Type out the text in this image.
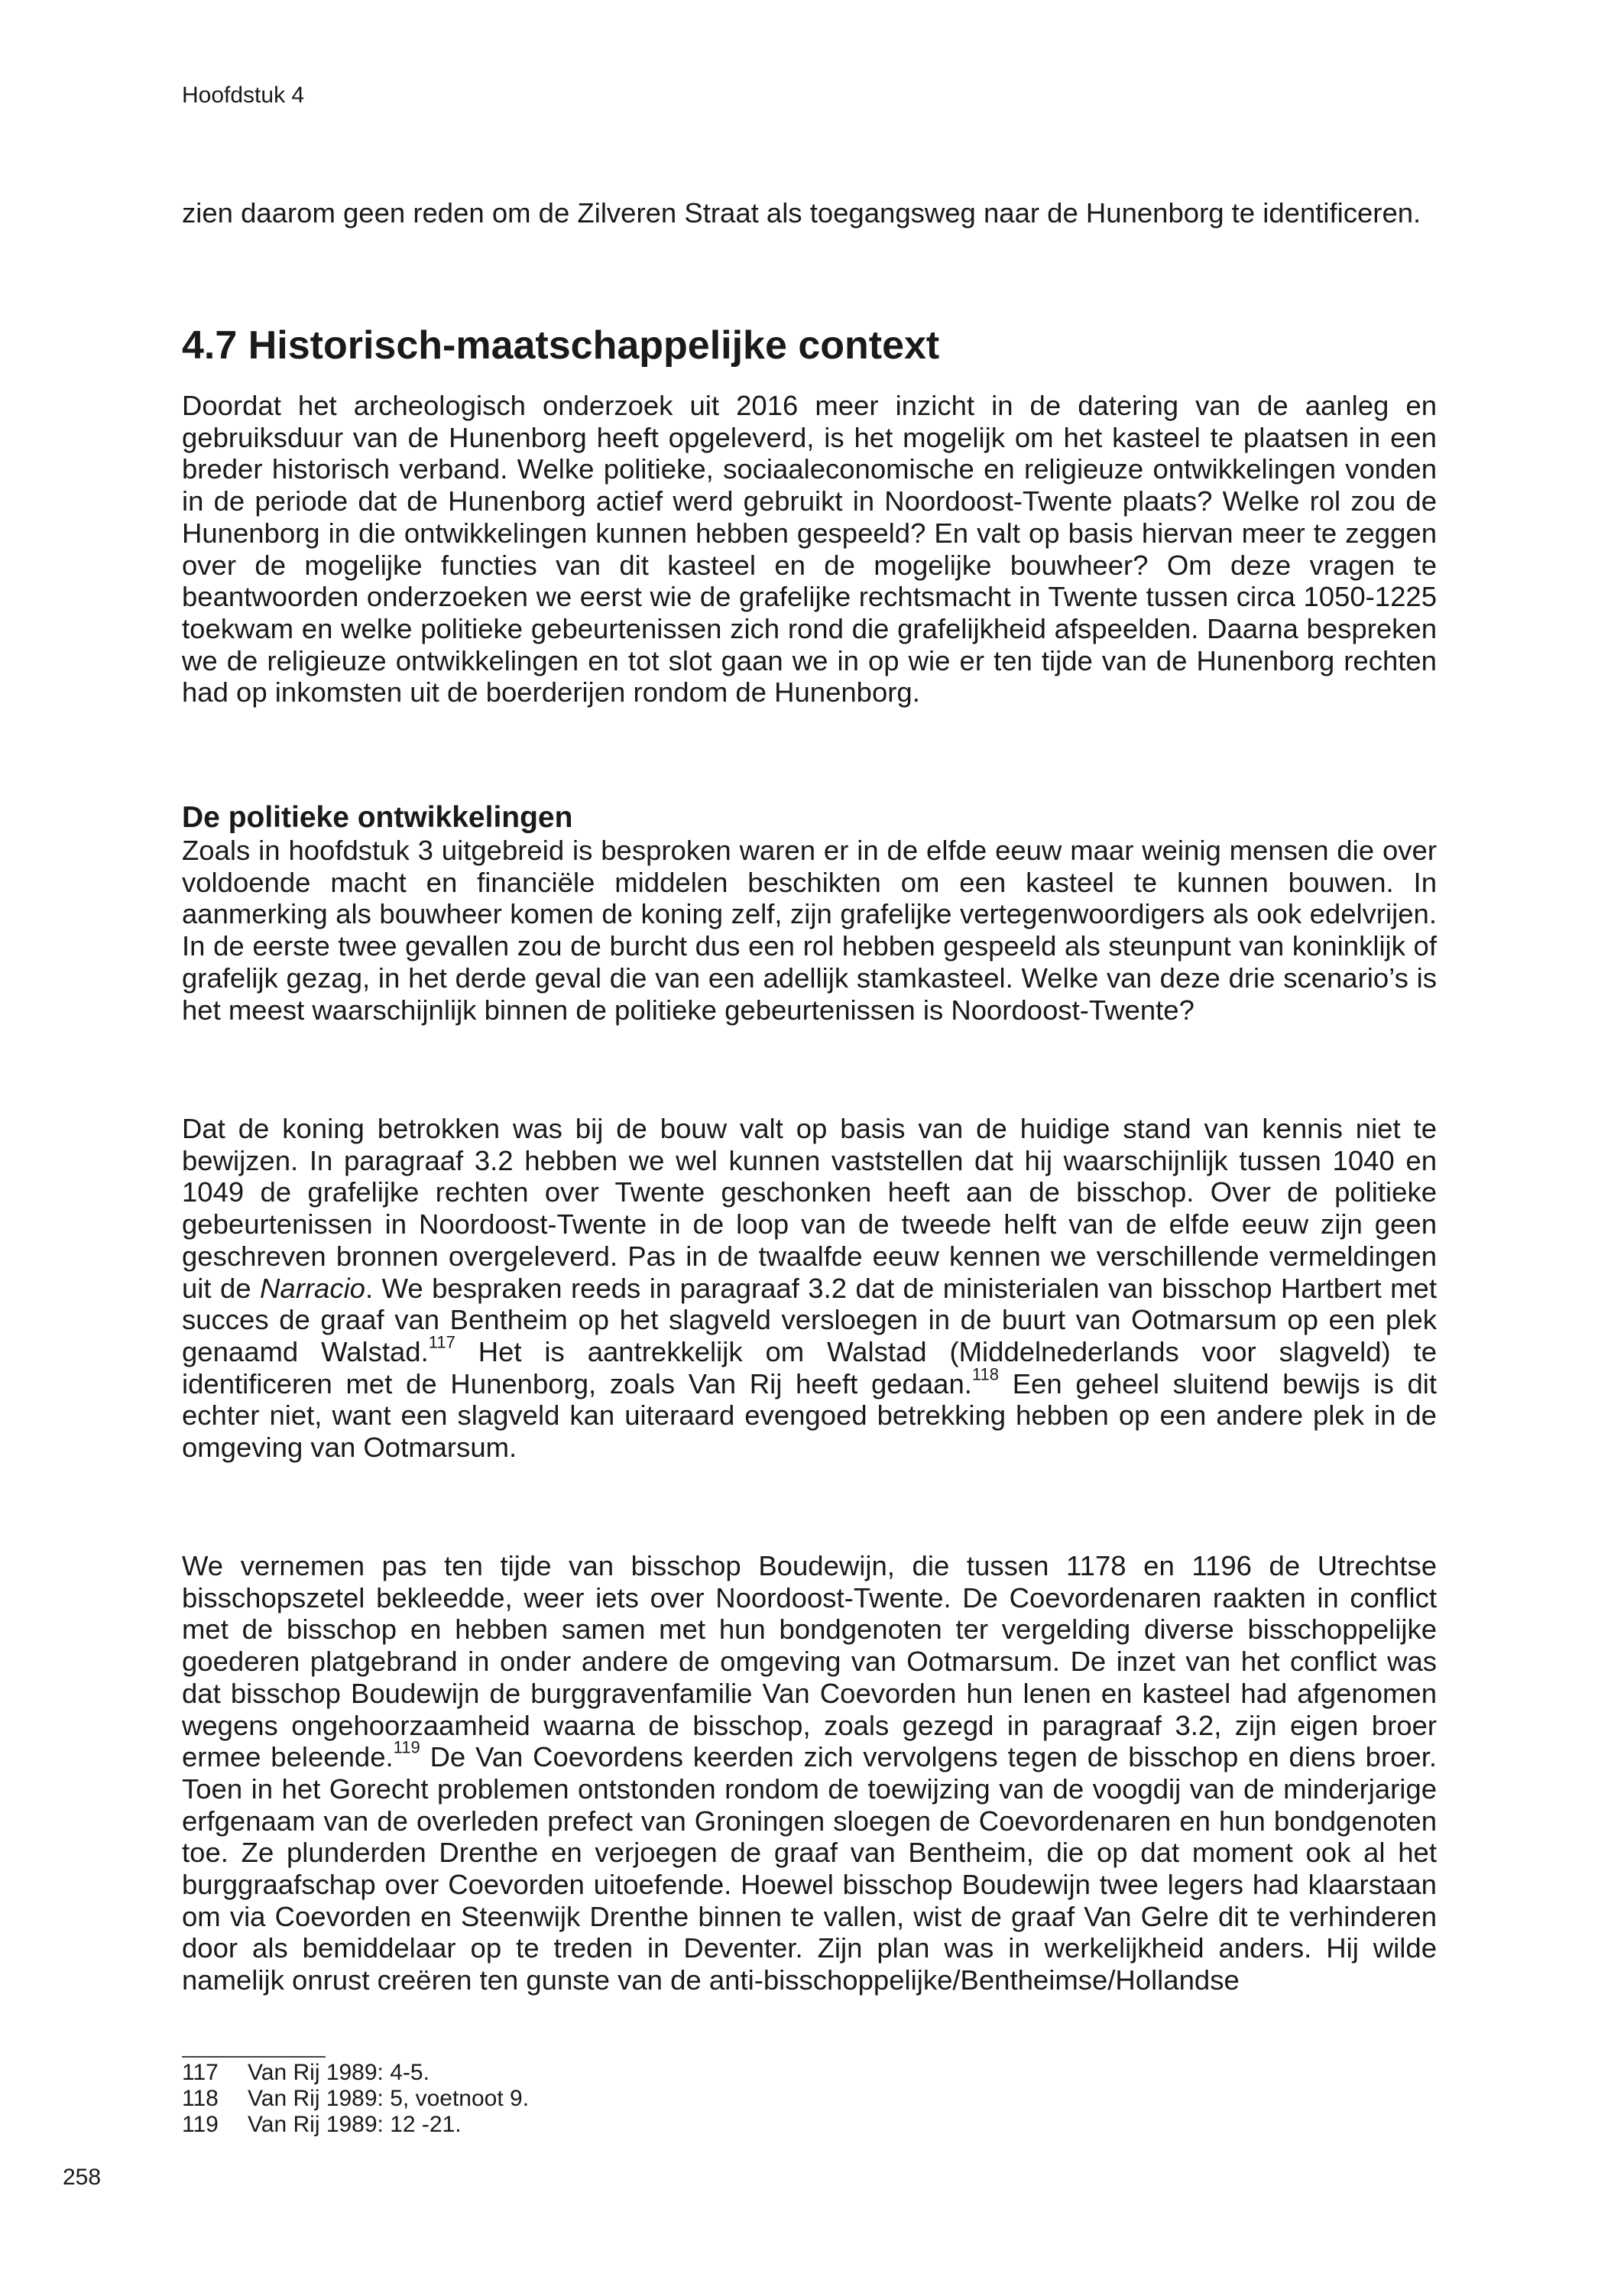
Hoofdstuk 4

zien daarom geen reden om de Zilveren Straat als toegangsweg naar de Hunenborg te identificeren.

4.7 Historisch-maatschappelijke context

Doordat het archeologisch onderzoek uit 2016 meer inzicht in de datering van de aanleg en gebruiksduur van de Hunenborg heeft opgeleverd, is het mogelijk om het kasteel te plaatsen in een breder historisch verband. Welke politieke, sociaaleconomische en religieuze ontwikkelingen vonden in de periode dat de Hunenborg actief werd gebruikt in Noordoost-Twente plaats? Welke rol zou de Hunenborg in die ontwikkelingen kunnen hebben gespeeld? En valt op basis hiervan meer te zeggen over de mogelijke functies van dit kasteel en de mogelijke bouwheer? Om deze vragen te beantwoorden onderzoeken we eerst wie de grafelijke rechtsmacht in Twente tussen circa 1050-1225 toekwam en welke politieke gebeurtenissen zich rond die grafelijkheid afspeelden. Daarna bespreken we de religieuze ontwikkelingen en tot slot gaan we in op wie er ten tijde van de Hunenborg rechten had op inkomsten uit de boerderijen rondom de Hunenborg.

De politieke ontwikkelingen

Zoals in hoofdstuk 3 uitgebreid is besproken waren er in de elfde eeuw maar weinig mensen die over voldoende macht en financiële middelen beschikten om een kasteel te kunnen bouwen. In aanmerking als bouwheer komen de koning zelf, zijn grafelijke vertegenwoordigers als ook edelvrijen. In de eerste twee gevallen zou de burcht dus een rol hebben gespeeld als steunpunt van koninklijk of grafelijk gezag, in het derde geval die van een adellijk stamkasteel. Welke van deze drie scenario’s is het meest waarschijnlijk binnen de politieke gebeurtenissen is Noordoost-Twente?

Dat de koning betrokken was bij de bouw valt op basis van de huidige stand van kennis niet te bewijzen. In paragraaf 3.2 hebben we wel kunnen vaststellen dat hij waarschijnlijk tussen 1040 en 1049 de grafelijke rechten over Twente geschonken heeft aan de bisschop. Over de politieke gebeurtenissen in Noordoost-Twente in de loop van de tweede helft van de elfde eeuw zijn geen geschreven bronnen overgeleverd. Pas in de twaalfde eeuw kennen we verschillende vermeldingen uit de Narracio. We bespraken reeds in paragraaf 3.2 dat de ministerialen van bisschop Hartbert met succes de graaf van Bentheim op het slagveld versloegen in de buurt van Ootmarsum op een plek genaamd Walstad.$^{117}$ Het is aantrekkelijk om Walstad (Middelnederlands voor slagveld) te identificeren met de Hunenborg, zoals Van Rij heeft gedaan.$^{118}$ Een geheel sluitend bewijs is dit echter niet, want een slagveld kan uiteraard evengoed betrekking hebben op een andere plek in de omgeving van Ootmarsum.

We vernemen pas ten tijde van bisschop Boudewijn, die tussen 1178 en 1196 de Utrechtse bisschopszetel bekleedde, weer iets over Noordoost-Twente. De Coevordenaren raakten in conflict met de bisschop en hebben samen met hun bondgenoten ter vergelding diverse bisschoppelijke goederen platgebrand in onder andere de omgeving van Ootmarsum. De inzet van het conflict was dat bisschop Boudewijn de burggravenfamilie Van Coevorden hun lenen en kasteel had afgenomen wegens ongehoorzaamheid waarna de bisschop, zoals gezegd in paragraaf 3.2, zijn eigen broer ermee beleende.$^{119}$ De Van Coevordens keerden zich vervolgens tegen de bisschop en diens broer. Toen in het Gorecht problemen ontstonden rondom de toewijzing van de voogdij van de minderjarige erfgenaam van de overleden prefect van Groningen sloegen de Coevordenaren en hun bondgenoten toe. Ze plunderden Drenthe en verjoegen de graaf van Bentheim, die op dat moment ook al het burggraafschap over Coevorden uitoefende. Hoewel bisschop Boudewijn twee legers had klaarstaan om via Coevorden en Steenwijk Drenthe binnen te vallen, wist de graaf Van Gelre dit te verhinderen door als bemiddelaar op te treden in Deventer. Zijn plan was in werkelijkheid anders. Hij wilde namelijk onrust creëren ten gunste van de anti-bisschoppelijke/Bentheimse/Hollandse

117	Van Rij 1989: 4-5.
118	Van Rij 1989: 5, voetnoot 9.
119	Van Rij 1989: 12 -21.
258
